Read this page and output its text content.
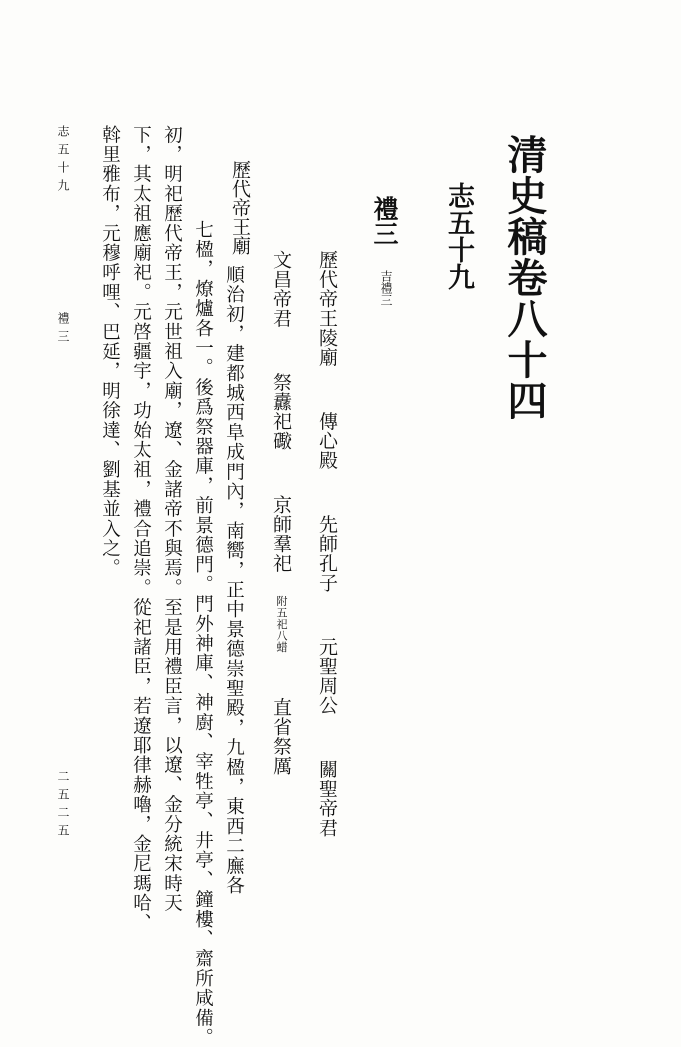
清史稿卷八十四
志五十九
禮三
吉禮三
歷代帝王陵廟 傳心殿 先師孔子 元聖周公 關聖帝君
文昌帝君 祭纛祀礮 京師羣祀 附五祀八蜡 直省祭厲
歷代帝王廟
順治初，建都城西阜成門內，南嚮，正中景德崇聖殿，九楹，東西二廡各
七楹，燎爐各一。後爲祭器庫，前景德門。門外神庫、神廚、宰牲亭、井亭、鐘樓、齋所咸備。
初，明祀歷代帝王，元世祖入廟，遼、金諸帝不與焉。至是用禮臣言，以遼、金分統宋時天
下，其太祖應廟祀。元啓疆宇，功始太祖，禮合追崇。從祀諸臣，若遼耶律赫嚕，金尼瑪哈、
斡里雅布，元穆呼哩、巴延，明徐達、劉基並入之。
志五十九
禮三
二五二五
